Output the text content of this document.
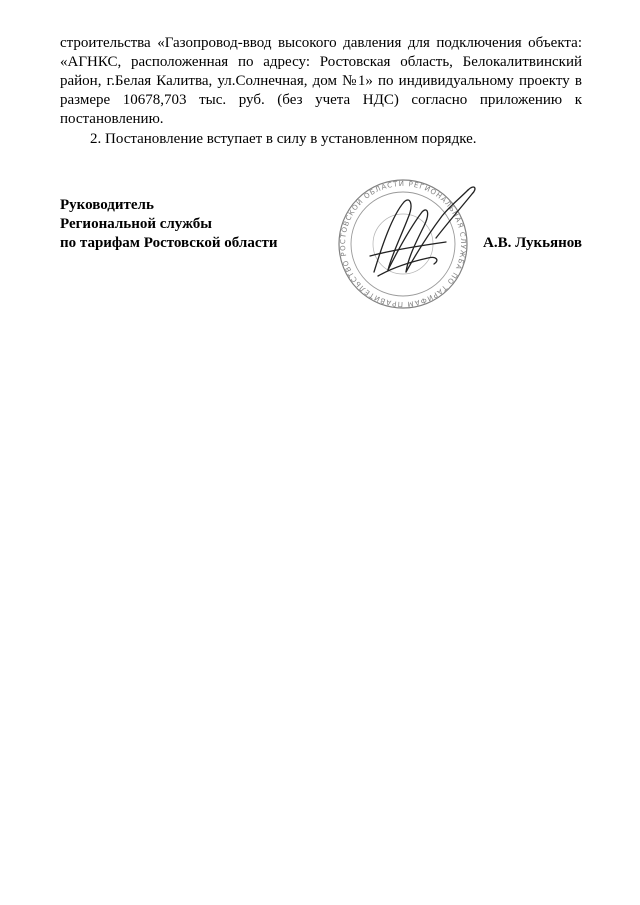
строительства «Газопровод-ввод высокого давления для подключения объекта: «АГНКС, расположенная по адресу: Ростовская область, Белокалитвинский район, г.Белая Калитва, ул.Солнечная, дом №1» по индивидуальному проекту в размере 10678,703 тыс. руб. (без учета НДС) согласно приложению к постановлению.

2. Постановление вступает в силу в установленном порядке.

Руководитель
Региональной службы
по тарифам Ростовской области
ПРАВИТЕЛЬСТВО РОСТОВСКОЙ ОБЛАСТИ РЕГИОНАЛЬНАЯ СЛУЖБА ПО ТАРИФАМ
А.В. Лукьянов
